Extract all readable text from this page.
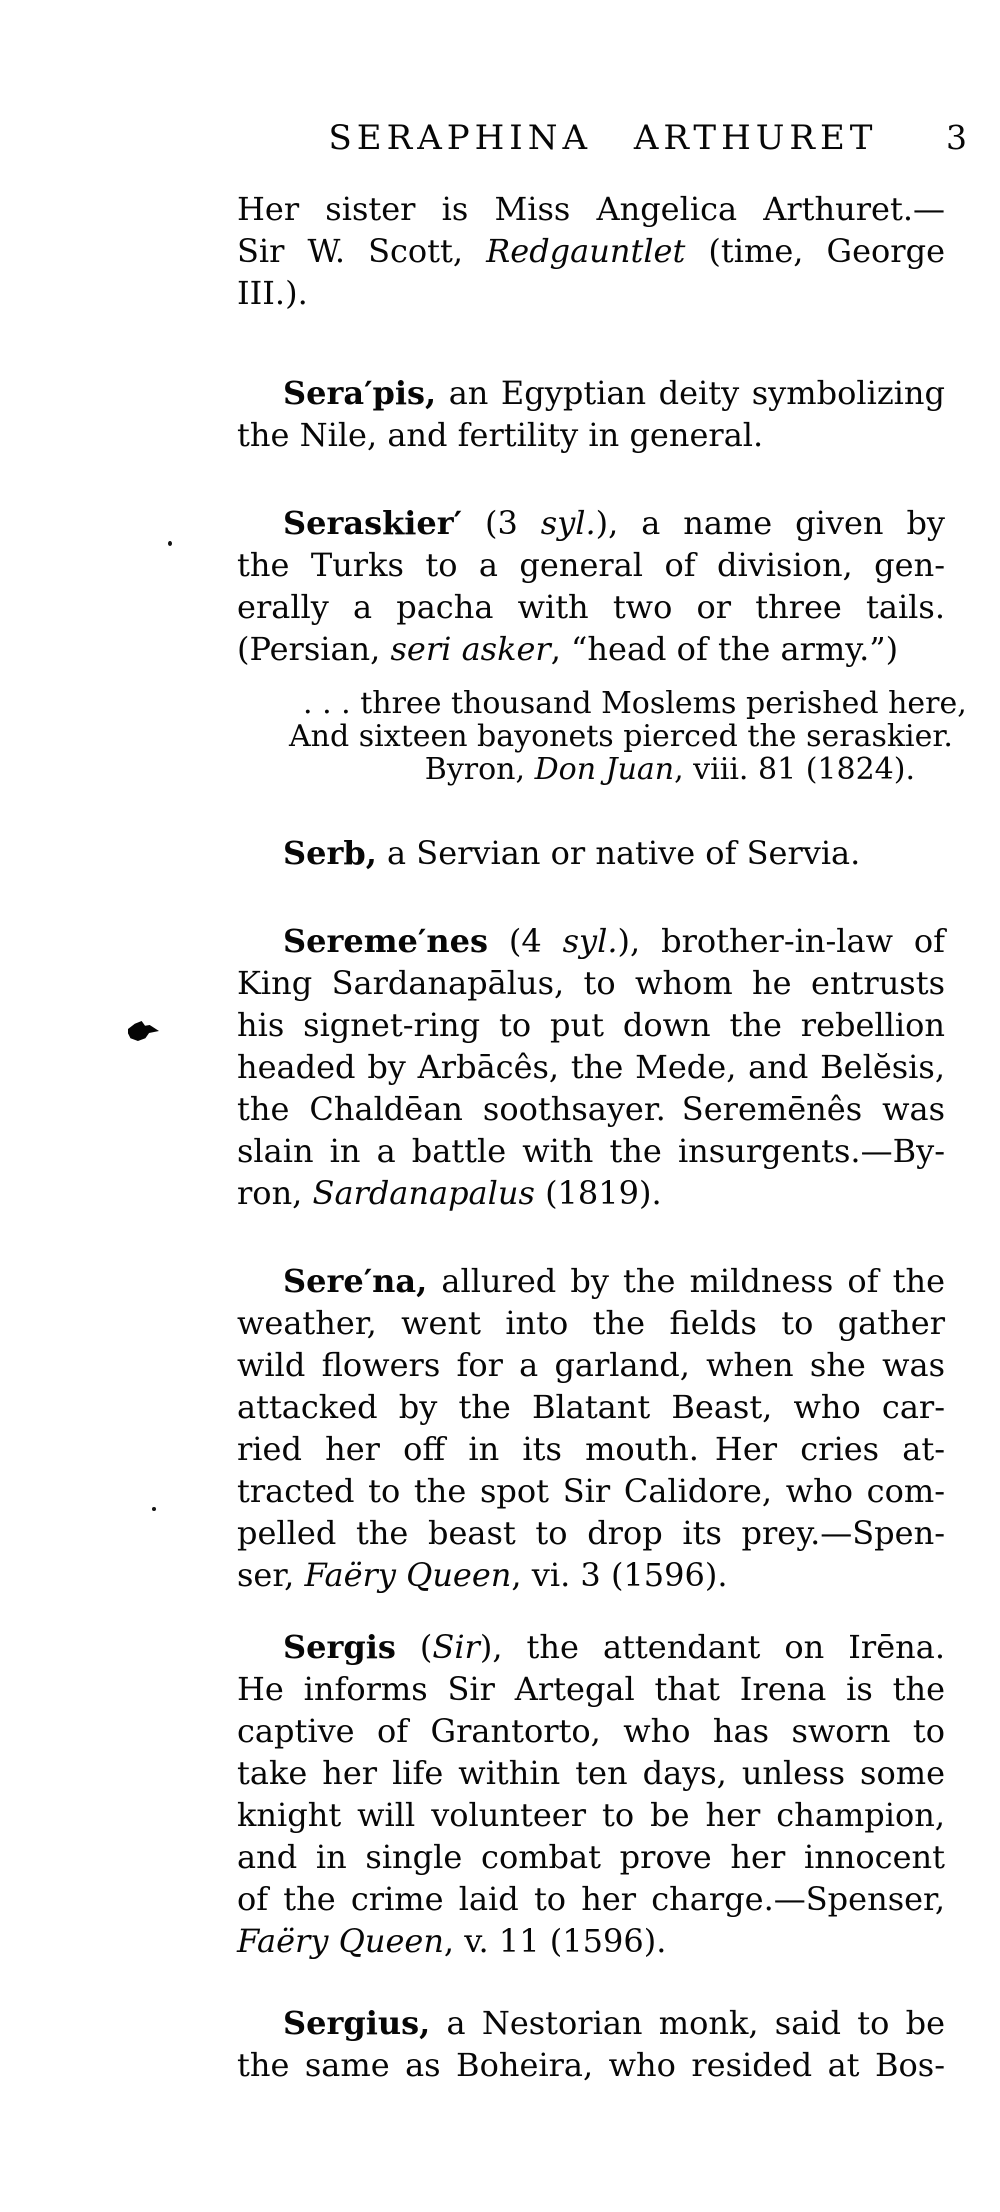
SERAPHINA ARTHURET	3
Her sister is Miss Angelica Arthuret.—
Sir W. Scott, Redgauntlet (time, George
III.).
Sera′pis, an Egyptian deity symbolizing
the Nile, and fertility in general.
Seraskier′ (3 syl.), a name given by
the Turks to a general of division, gen-
erally a pacha with two or three tails.
(Persian, seri asker, “head of the army.”)
. . . three thousand Moslems perished here,
And sixteen bayonets pierced the seraskier.
Byron, Don Juan, viii. 81 (1824).
Serb, a Servian or native of Servia.
Sereme′nes (4 syl.), brother-in-law of
King Sardanapālus, to whom he entrusts
his signet-ring to put down the rebellion
headed by Arbācês, the Mede, and Belĕsis,
the Chaldēan soothsayer. Seremēnês was
slain in a battle with the insurgents.—By-
ron, Sardanapalus (1819).
Sere′na, allured by the mildness of the
weather, went into the fields to gather
wild flowers for a garland, when she was
attacked by the Blatant Beast, who car-
ried her off in its mouth. Her cries at-
tracted to the spot Sir Calidore, who com-
pelled the beast to drop its prey.—Spen-
ser, Faëry Queen, vi. 3 (1596).
Sergis (Sir), the attendant on Irēna.
He informs Sir Artegal that Irena is the
captive of Grantorto, who has sworn to
take her life within ten days, unless some
knight will volunteer to be her champion,
and in single combat prove her innocent
of the crime laid to her charge.—Spenser,
Faëry Queen, v. 11 (1596).
Sergius, a Nestorian monk, said to be
the same as Boheira, who resided at Bos-
